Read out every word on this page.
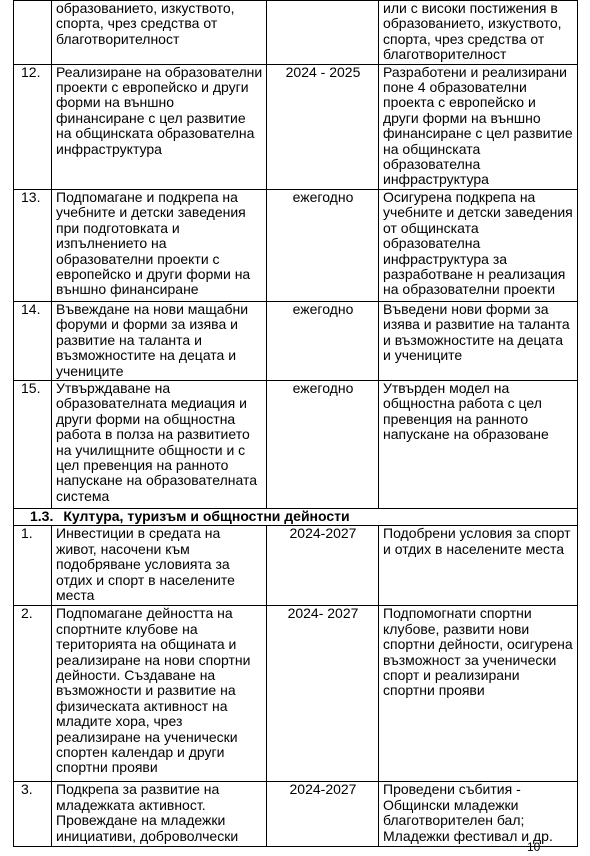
	образованието, изкуството, спорта, чрез средства от благотворителност		или с високи постижения в образованието, изкуството, спорта, чрез средства от благотворителност
12.	Реализиране на образователни проекти с европейско и други форми на външно финансиране с цел развитие на общинската образователна инфраструктура	2024 - 2025	Разработени и реализирани поне 4 образователни проекта с европейско и други форми на външно финансиране с цел развитие на общинската образователна инфраструктура
13.	Подпомагане и подкрепа на учебните и детски заведения при подготовката и изпълнението на образователни проекти с европейско и други форми на външно финансиране	ежегодно	Осигурена подкрепа на учебните и детски заведения от общинската образователна инфраструктура за разработване н реализация на образователни проекти
14.	Въвеждане на нови мащабни форуми и форми за изява и развитие на таланта и възможностите на децата и учениците	ежегодно	Въведени нови форми за изява и развитие на таланта и възможностите на децата и учениците
15.	Утвърждаване на образователната медиация и други форми на общностна работа в полза на развитието на училищните общности и с цел превенция на ранното напускане на образователната система	ежегодно	Утвърден модел на общностна работа с цел превенция на ранното напускане на образоване
1.3. Култура, туризъм и общностни дейности			
1.	Инвестиции в средата на живот, насочени към подобряване условията за отдих и спорт в населените места	2024-2027	Подобрени условия за спорт и отдих в населените места
2.	Подпомагане дейността на спортните клубове на територията на общината и реализиране на нови спортни дейности. Създаване на възможности и развитие на физическата активност на младите хора, чрез реализиране на ученически спортен календар и други спортни прояви	2024- 2027	Подпомогнати спортни клубове, развити нови спортни дейности, осигурена възможност за ученически спорт и реализирани спортни прояви
3.	Подкрепа за развитие на младежката активност. Провеждане на младежки инициативи, доброволчески	2024-2027	Проведени събития - Общински младежки благотворителен бал; Младежки фестивал и др.
10
